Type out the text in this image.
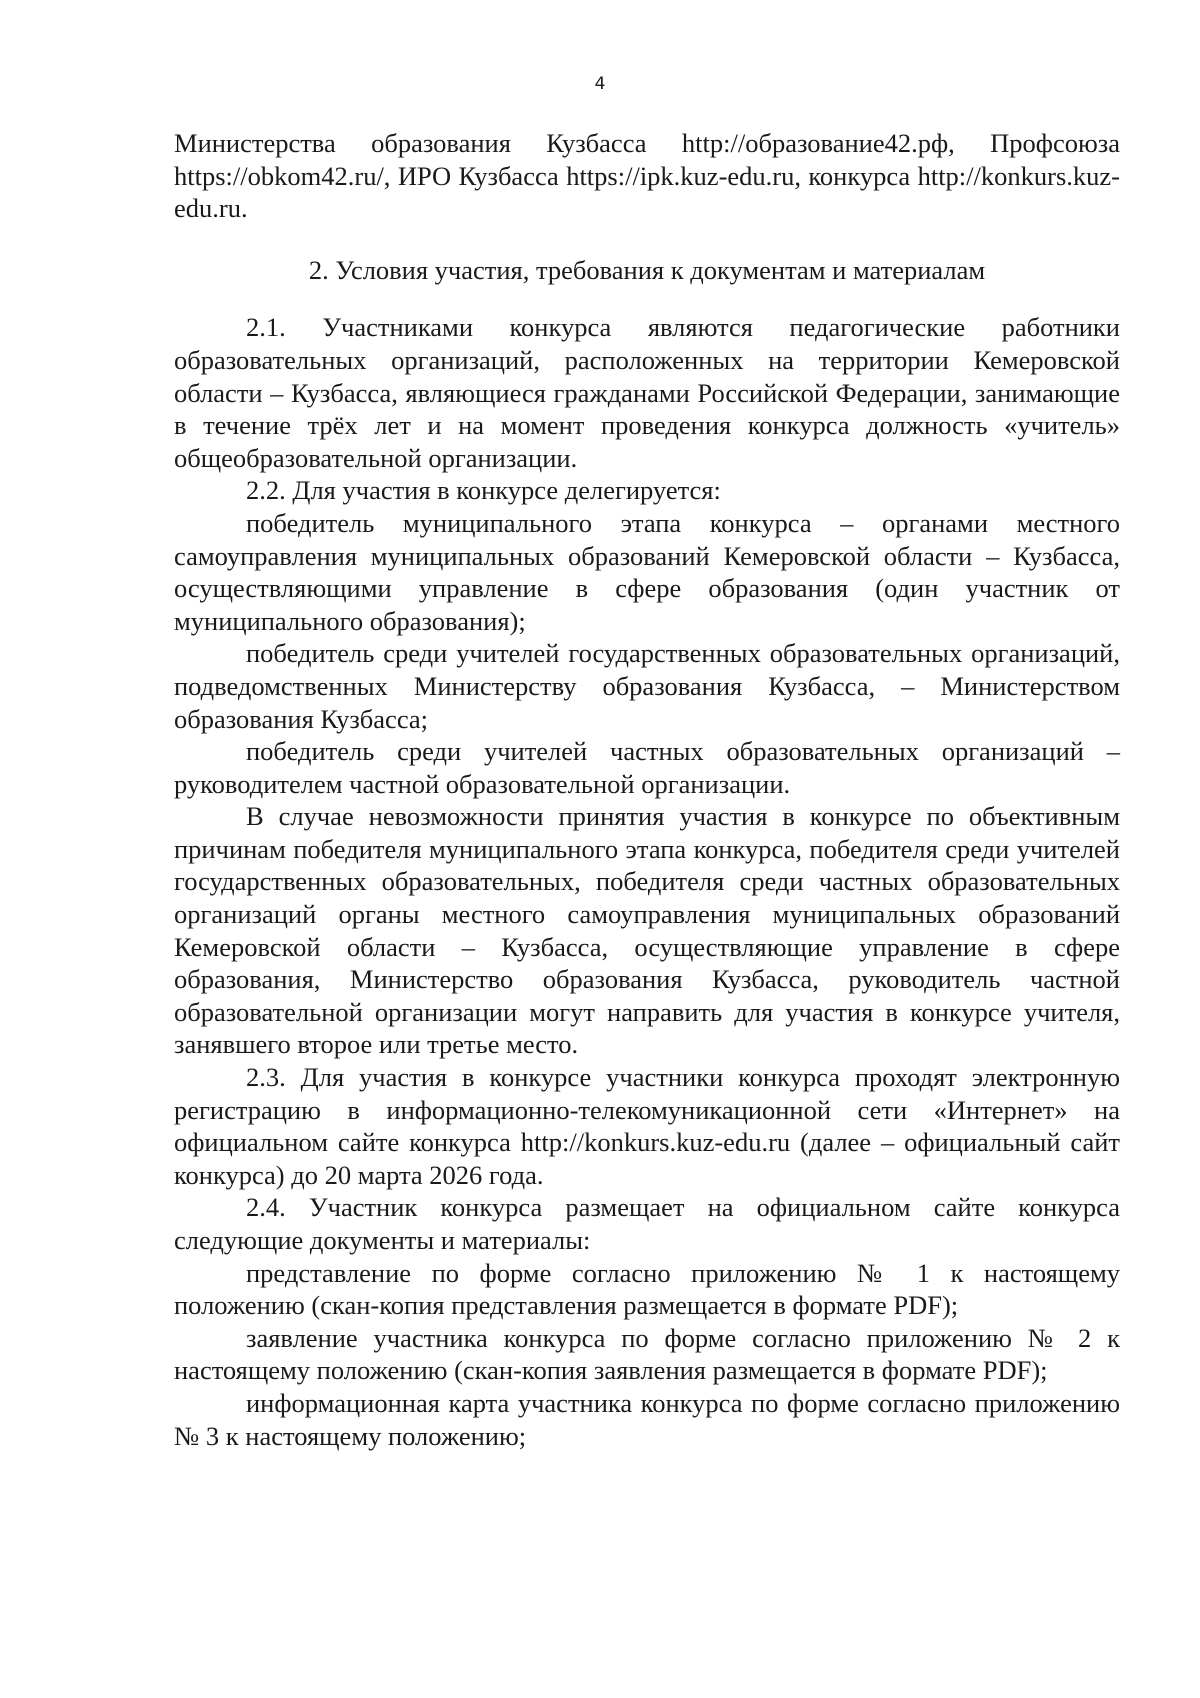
4

Министерства образования Кузбасса http://образование42.рф, Профсоюза https://obkom42.ru/, ИРО Кузбасса https://ipk.kuz-edu.ru, конкурса http://konkurs.kuz-edu.ru.

2. Условия участия, требования к документам и материалам

2.1. Участниками конкурса являются педагогические работники образовательных организаций, расположенных на территории Кемеровской области – Кузбасса, являющиеся гражданами Российской Федерации, занимающие в течение трёх лет и на момент проведения конкурса должность «учитель» общеобразовательной организации.

2.2. Для участия в конкурсе делегируется:

победитель муниципального этапа конкурса – органами местного самоуправления муниципальных образований Кемеровской области – Кузбасса, осуществляющими управление в сфере образования (один участник от муниципального образования);

победитель среди учителей государственных образовательных организаций, подведомственных Министерству образования Кузбасса, – Министерством образования Кузбасса;

победитель среди учителей частных образовательных организаций – руководителем частной образовательной организации.

В случае невозможности принятия участия в конкурсе по объективным причинам победителя муниципального этапа конкурса, победителя среди учителей государственных образовательных, победителя среди частных образовательных организаций органы местного самоуправления муниципальных образований Кемеровской области – Кузбасса, осуществляющие управление в сфере образования, Министерство образования Кузбасса, руководитель частной образовательной организации могут направить для участия в конкурсе учителя, занявшего второе или третье место.

2.3. Для участия в конкурсе участники конкурса проходят электронную регистрацию в информационно-телекомуникационной сети «Интернет» на официальном сайте конкурса http://konkurs.kuz-edu.ru (далее – официальный сайт конкурса) до 20 марта 2026 года.

2.4. Участник конкурса размещает на официальном сайте конкурса следующие документы и материалы:

представление по форме согласно приложению № 1 к настоящему положению (скан-копия представления размещается в формате PDF);

заявление участника конкурса по форме согласно приложению № 2 к настоящему положению (скан-копия заявления размещается в формате PDF);

информационная карта участника конкурса по форме согласно приложению № 3 к настоящему положению;
